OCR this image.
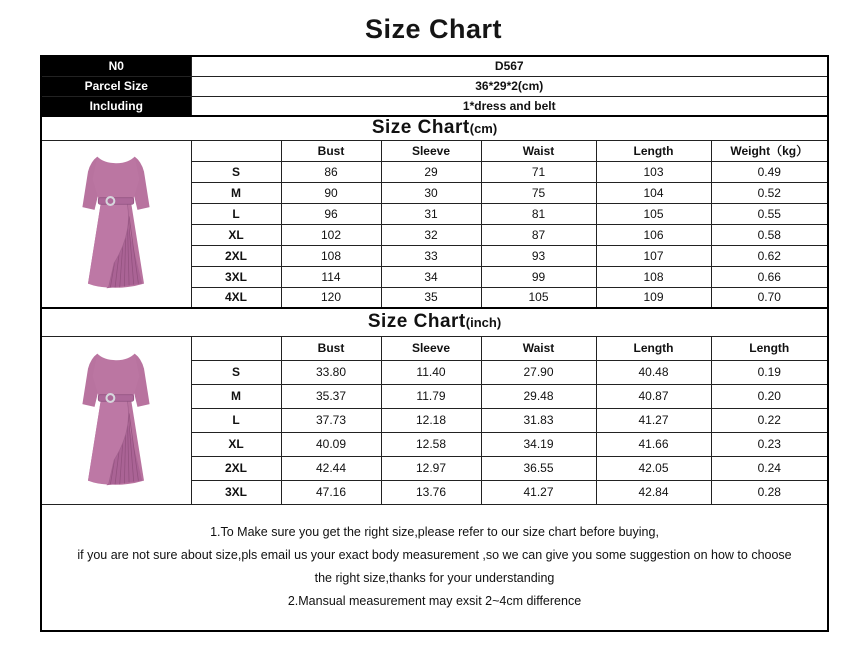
Size Chart
N0	D567					
Parcel Size	36*29*2(cm)					
Including	1*dress and belt					
Size Chart(cm)						
		Bust	Sleeve	Waist	Length	Weight（kg）
	S	86	29	71	103	0.49
	M	90	30	75	104	0.52
	L	96	31	81	105	0.55
	XL	102	32	87	106	0.58
	2XL	108	33	93	107	0.62
	3XL	114	34	99	108	0.66
	4XL	120	35	105	109	0.70
Size Chart(inch)						
		Bust	Sleeve	Waist	Length	Length
	S	33.80	11.40	27.90	40.48	0.19
	M	35.37	11.79	29.48	40.87	0.20
	L	37.73	12.18	31.83	41.27	0.22
	XL	40.09	12.58	34.19	41.66	0.23
	2XL	42.44	12.97	36.55	42.05	0.24
	3XL	47.16	13.76	41.27	42.84	0.28

1.To Make sure you get the right size,please refer to our size chart before buying,

if you are not sure about size,pls email us your exact body measurement ,so we can give you some suggestion on how to choose

the right size,thanks for your understanding

2.Mansual measurement may exsit 2~4cm difference						
